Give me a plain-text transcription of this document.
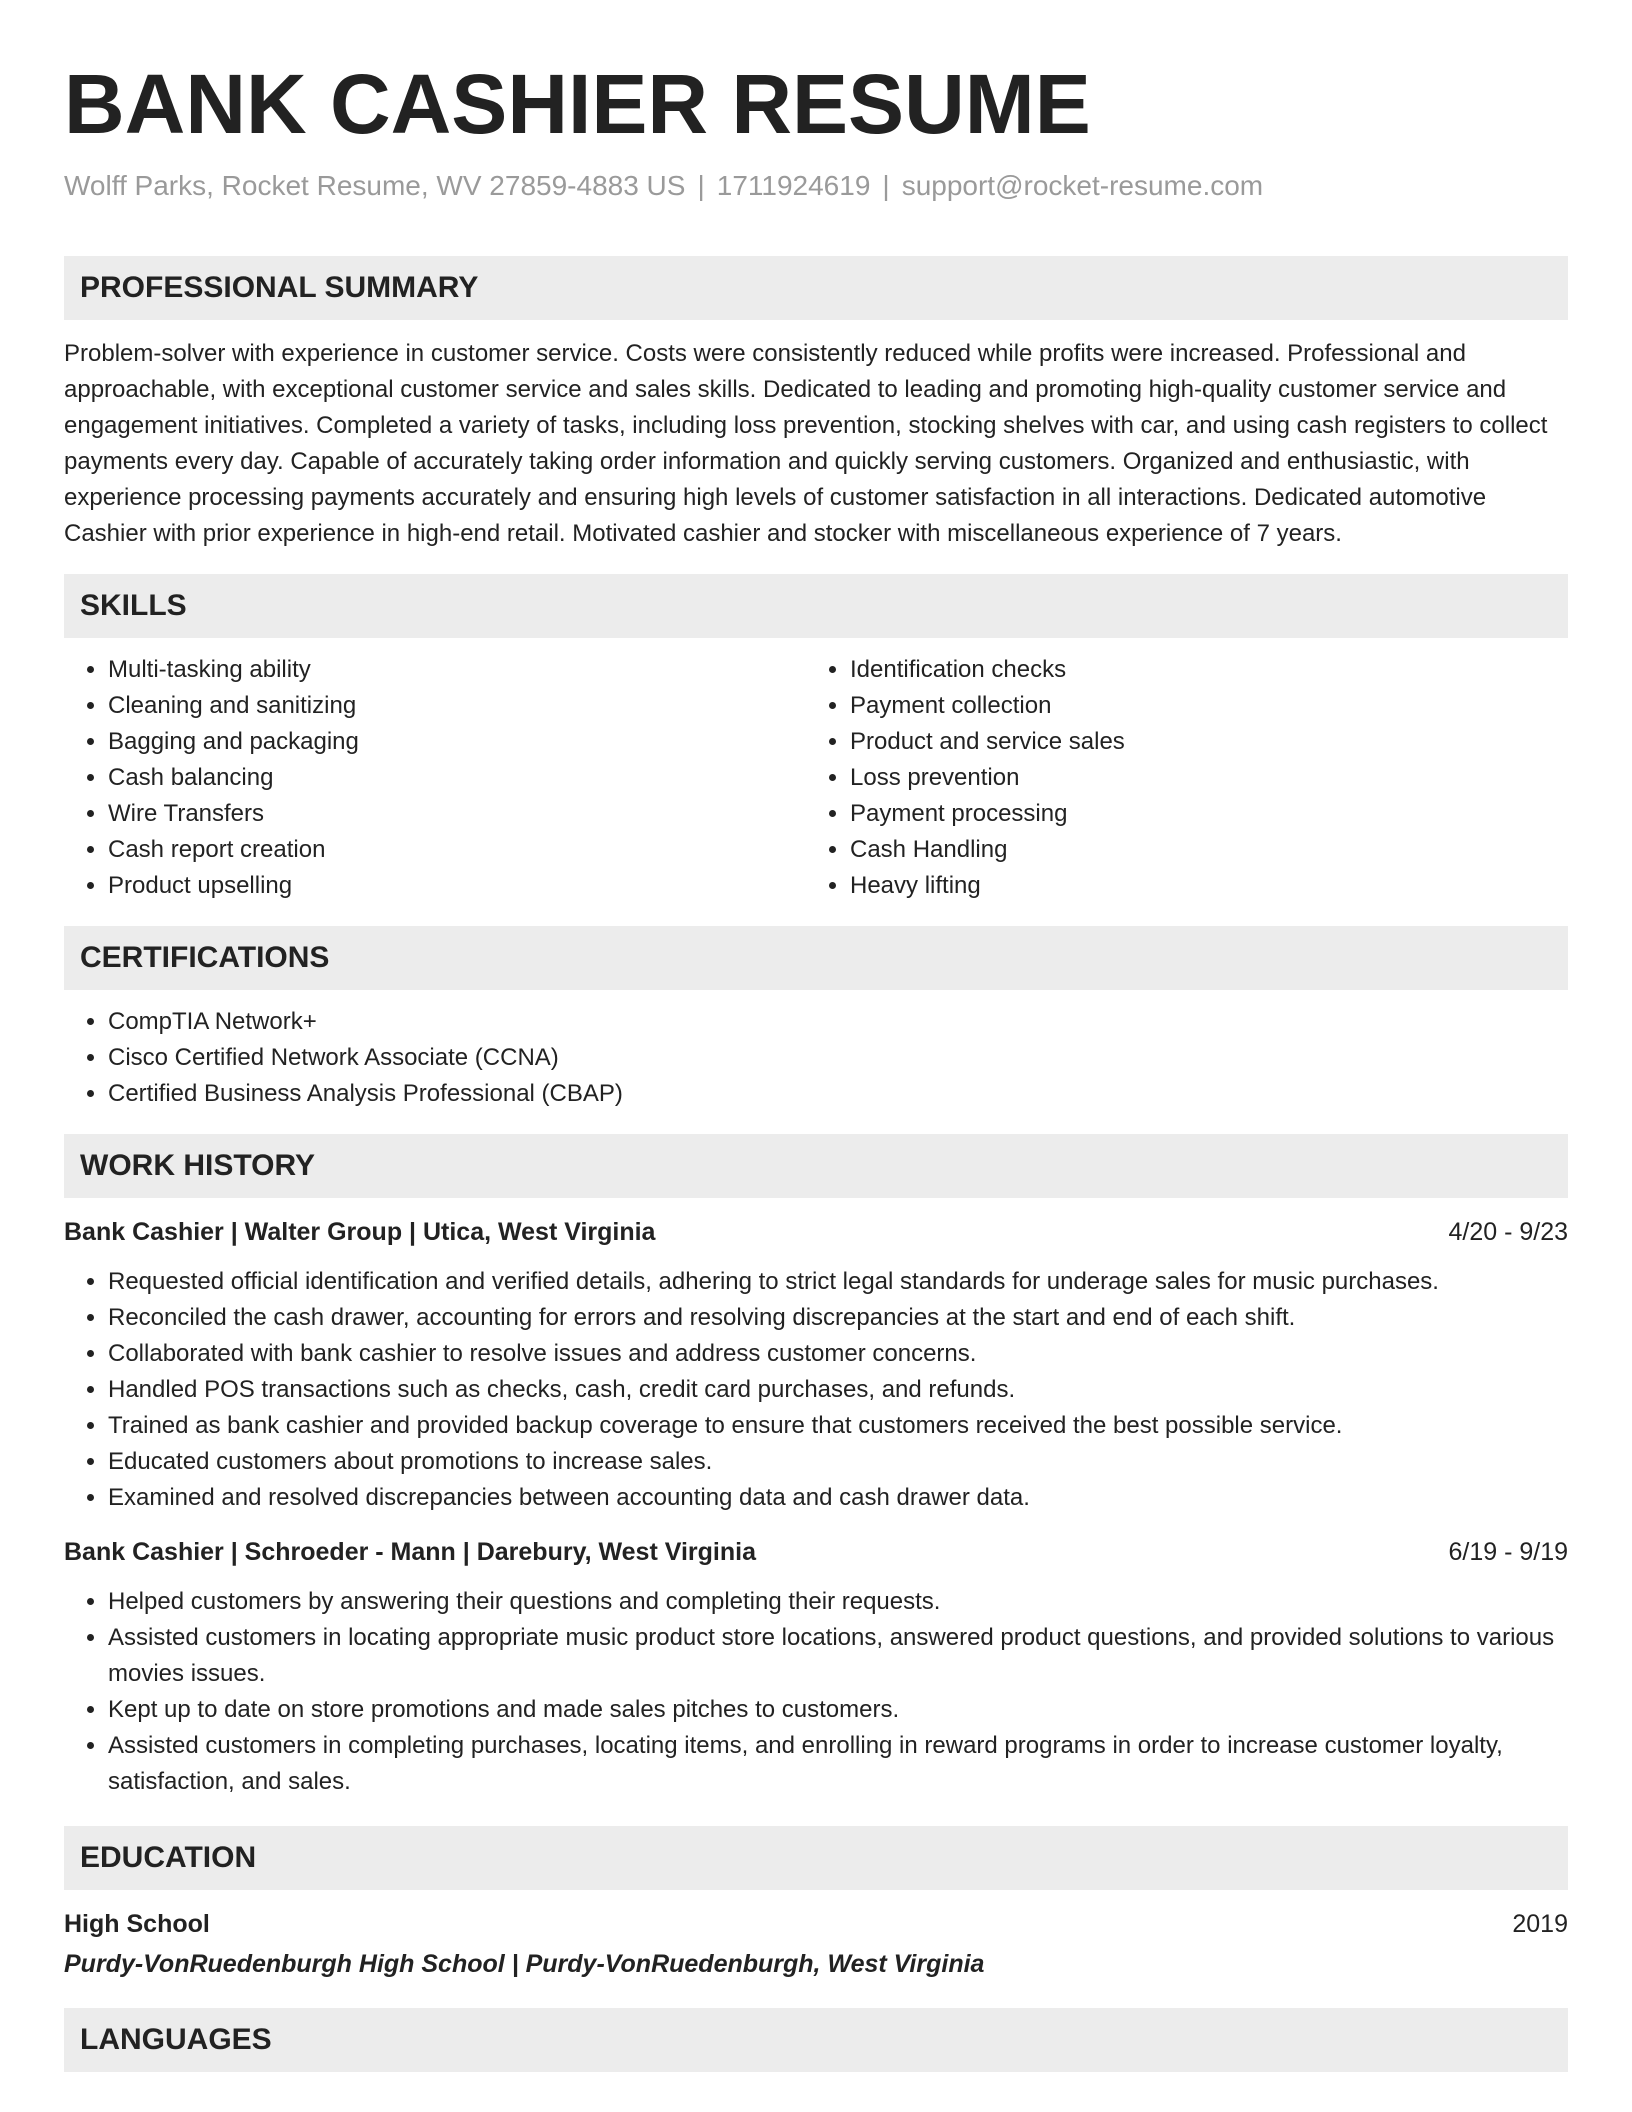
BANK CASHIER RESUME
Wolff Parks, Rocket Resume, WV 27859-4883 US | 1711924619 | support@rocket-resume.com
PROFESSIONAL SUMMARY
Problem-solver with experience in customer service. Costs were consistently reduced while profits were increased. Professional and approachable, with exceptional customer service and sales skills. Dedicated to leading and promoting high-quality customer service and engagement initiatives. Completed a variety of tasks, including loss prevention, stocking shelves with car, and using cash registers to collect payments every day. Capable of accurately taking order information and quickly serving customers. Organized and enthusiastic, with experience processing payments accurately and ensuring high levels of customer satisfaction in all interactions. Dedicated automotive Cashier with prior experience in high-end retail. Motivated cashier and stocker with miscellaneous experience of 7 years.
SKILLS
• Multi-tasking ability
• Cleaning and sanitizing
• Bagging and packaging
• Cash balancing
• Wire Transfers
• Cash report creation
• Product upselling
• Identification checks
• Payment collection
• Product and service sales
• Loss prevention
• Payment processing
• Cash Handling
• Heavy lifting
CERTIFICATIONS
• CompTIA Network+
• Cisco Certified Network Associate (CCNA)
• Certified Business Analysis Professional (CBAP)
WORK HISTORY
Bank Cashier | Walter Group | Utica, West Virginia	4/20 - 9/23
• Requested official identification and verified details, adhering to strict legal standards for underage sales for music purchases.
• Reconciled the cash drawer, accounting for errors and resolving discrepancies at the start and end of each shift.
• Collaborated with bank cashier to resolve issues and address customer concerns.
• Handled POS transactions such as checks, cash, credit card purchases, and refunds.
• Trained as bank cashier and provided backup coverage to ensure that customers received the best possible service.
• Educated customers about promotions to increase sales.
• Examined and resolved discrepancies between accounting data and cash drawer data.
Bank Cashier | Schroeder - Mann | Darebury, West Virginia	6/19 - 9/19
• Helped customers by answering their questions and completing their requests.
• Assisted customers in locating appropriate music product store locations, answered product questions, and provided solutions to various movies issues.
• Kept up to date on store promotions and made sales pitches to customers.
• Assisted customers in completing purchases, locating items, and enrolling in reward programs in order to increase customer loyalty, satisfaction, and sales.
EDUCATION
High School	2019
Purdy-VonRuedenburgh High School | Purdy-VonRuedenburgh, West Virginia
LANGUAGES
